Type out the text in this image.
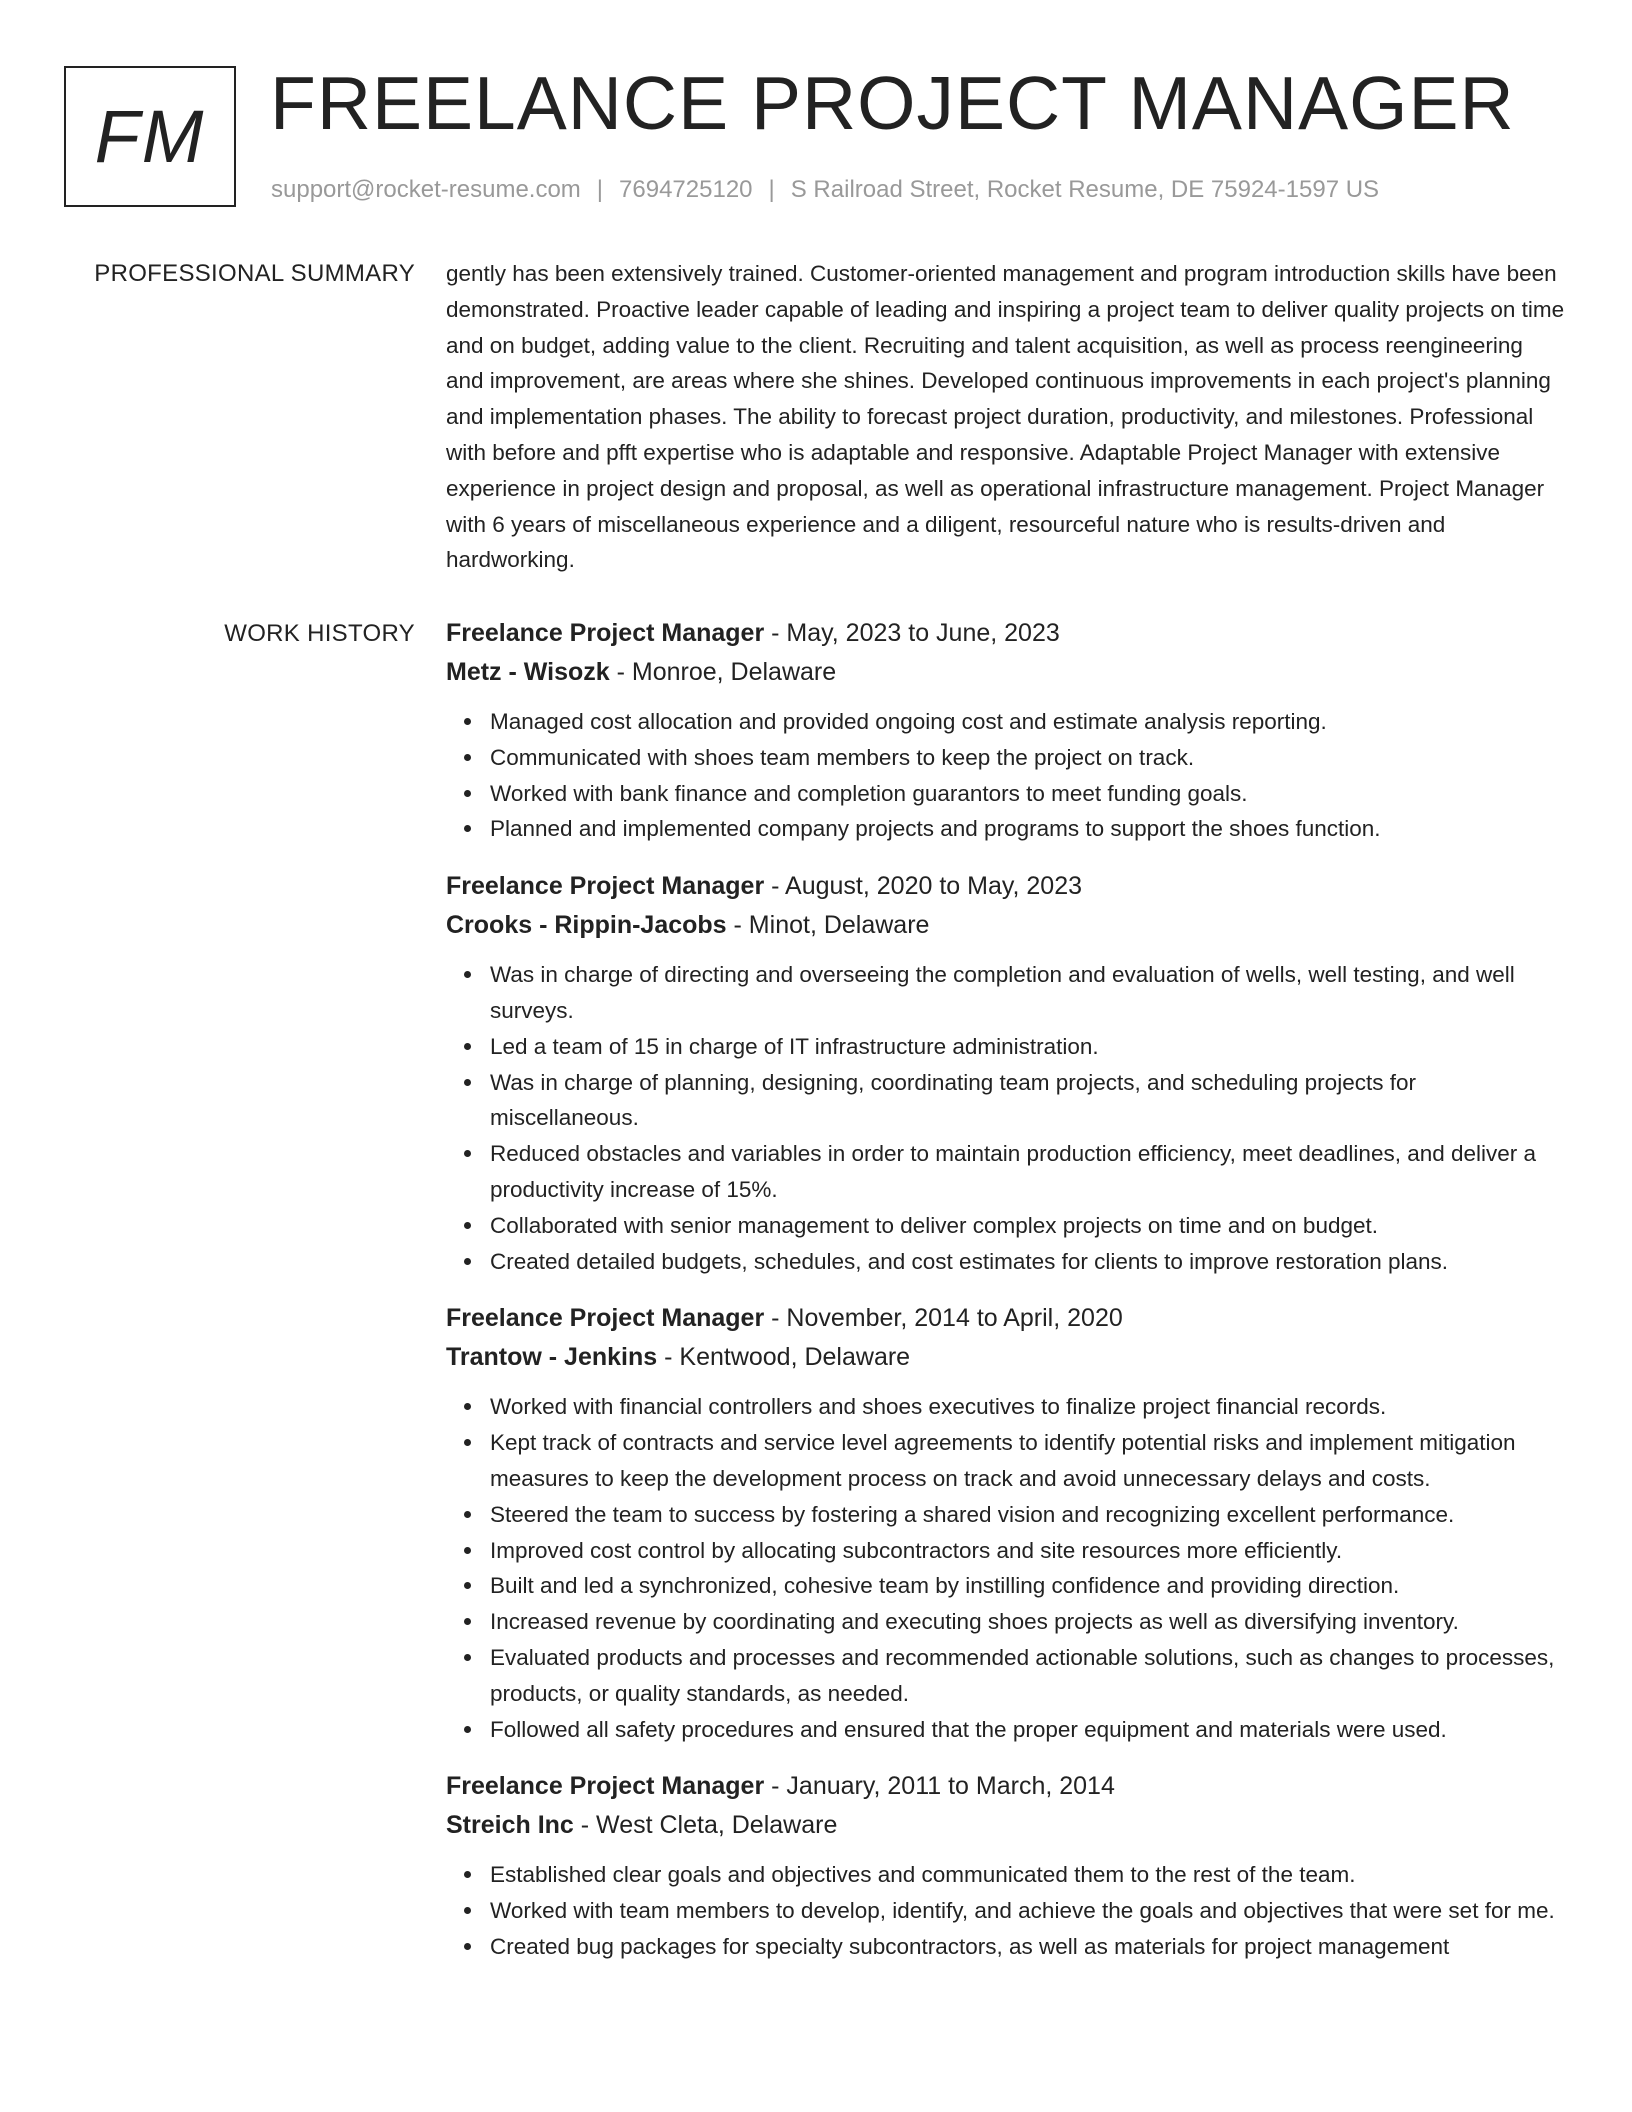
FM FREELANCE PROJECT MANAGER
support@rocket-resume.com | 7694725120 | S Railroad Street, Rocket Resume, DE 75924-1597 US
PROFESSIONAL SUMMARY gently has been extensively trained. Customer-oriented management and program introduction skills have been demonstrated. Proactive leader capable of leading and inspiring a project team to deliver quality projects on time and on budget, adding value to the client. Recruiting and talent acquisition, as well as process reengineering and improvement, are areas where she shines. Developed continuous improvements in each project's planning and implementation phases. The ability to forecast project duration, productivity, and milestones. Professional with before and pfft expertise who is adaptable and responsive. Adaptable Project Manager with extensive experience in project design and proposal, as well as operational infrastructure management. Project Manager with 6 years of miscellaneous experience and a diligent, resourceful nature who is results-driven and hardworking.
WORK HISTORY Freelance Project Manager - May, 2023 to June, 2023
Metz - Wisozk - Monroe, Delaware
Managed cost allocation and provided ongoing cost and estimate analysis reporting.
Communicated with shoes team members to keep the project on track.
Worked with bank finance and completion guarantors to meet funding goals.
Planned and implemented company projects and programs to support the shoes function.
Freelance Project Manager - August, 2020 to May, 2023
Crooks - Rippin-Jacobs - Minot, Delaware
Was in charge of directing and overseeing the completion and evaluation of wells, well testing, and well surveys.
Led a team of 15 in charge of IT infrastructure administration.
Was in charge of planning, designing, coordinating team projects, and scheduling projects for miscellaneous.
Reduced obstacles and variables in order to maintain production efficiency, meet deadlines, and deliver a productivity increase of 15%.
Collaborated with senior management to deliver complex projects on time and on budget.
Created detailed budgets, schedules, and cost estimates for clients to improve restoration plans.
Freelance Project Manager - November, 2014 to April, 2020
Trantow - Jenkins - Kentwood, Delaware
Worked with financial controllers and shoes executives to finalize project financial records.
Kept track of contracts and service level agreements to identify potential risks and implement mitigation measures to keep the development process on track and avoid unnecessary delays and costs.
Steered the team to success by fostering a shared vision and recognizing excellent performance.
Improved cost control by allocating subcontractors and site resources more efficiently.
Built and led a synchronized, cohesive team by instilling confidence and providing direction.
Increased revenue by coordinating and executing shoes projects as well as diversifying inventory.
Evaluated products and processes and recommended actionable solutions, such as changes to processes, products, or quality standards, as needed.
Followed all safety procedures and ensured that the proper equipment and materials were used.
Freelance Project Manager - January, 2011 to March, 2014
Streich Inc - West Cleta, Delaware
Established clear goals and objectives and communicated them to the rest of the team.
Worked with team members to develop, identify, and achieve the goals and objectives that were set for me.
Created bug packages for specialty subcontractors, as well as materials for project management
